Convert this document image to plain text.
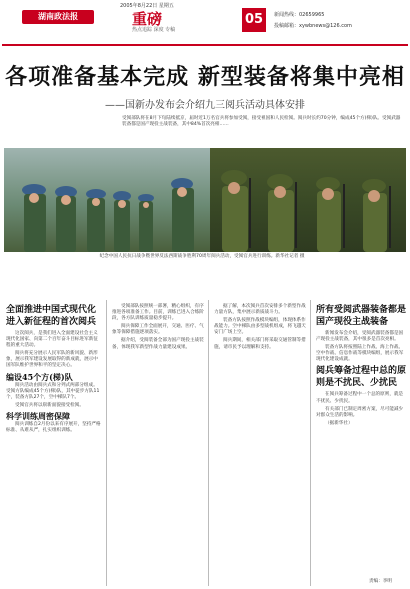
2005年8月22日 星期五
湖南政法报	重磅
热点追踪 深度 专稿
05	新闻热线：02659965
投稿邮箱：xywbnews@126.com
各项准备基本完成 新型装备将集中亮相
——国新办发布会介绍九三阅兵活动具体安排
受阅部队将在8月下旬陆续抵京，届时近1万名官兵将参加受阅，接受祖国和人民检阅。阅兵时长约70分钟，编成45个方(梯)队。受阅武器装备都是国产现役主战装备，其中84%首次亮相……
纪念中国人民抗日战争暨世界反法西斯战争胜利70周年阅兵活动，受阅官兵进行训练。新华社记者 摄
全面推进中国式现代化进入新征程的首次阅兵

这次阅兵，是我们进入全面建设社会主义现代化国家、向第二个百年奋斗目标进军新征程的重大活动。

阅兵将充分展示人民军队的新风貌、新形象，展示我军建设发展取得的新成就，展示中国军队维护世界和平的坚定决心。

编设45个方(梯)队

阅兵活动由阅兵式和分列式两部分组成。受阅方队编成45个方(梯)队，其中徒步方队11个，装备方队27个，空中梯队7个。

受阅官兵将以崭新面貌接受检阅。

科学训练周密保障

阅兵训练自2月份以来有序展开，坚持严格标准、从难从严，扎实组织训练。

受阅部队按照统一部署，精心组织，有序推进各项准备工作。目前，训练已进入合练阶段，各方队训练质量稳步提升。

阅兵保障工作全面展开，交通、医疗、气象等保障措施逐项落实。

据介绍，受阅装备全部为国产现役主战装备，体现我军新型作战力量建设成果。

据了解，本次阅兵首次安排多个新型作战力量方队，集中展示新质战斗力。

装备方队按照作战模块编组，体现体系作战能力。空中梯队由多型战机组成，将飞越天安门广场上空。

阅兵期间，相关部门将采取交通管制等措施，请市民予以理解和支持。

所有受阅武器装备都是国产现役主战装备

新闻发布会介绍，受阅武器装备都是国产现役主战装备，其中很多是首次亮相。

装备方队将按照陆上作战、海上作战、空中作战、信息作战等模块编组，展示我军现代化建设成就。

阅兵筹备过程中总的原则是不扰民、少扰民

在阅兵筹备过程中一个总的原则，就是不扰民、少扰民。

有关部门已制定周密方案，尽可能减少对群众生活的影响。

（据新华社）

责编：李明
